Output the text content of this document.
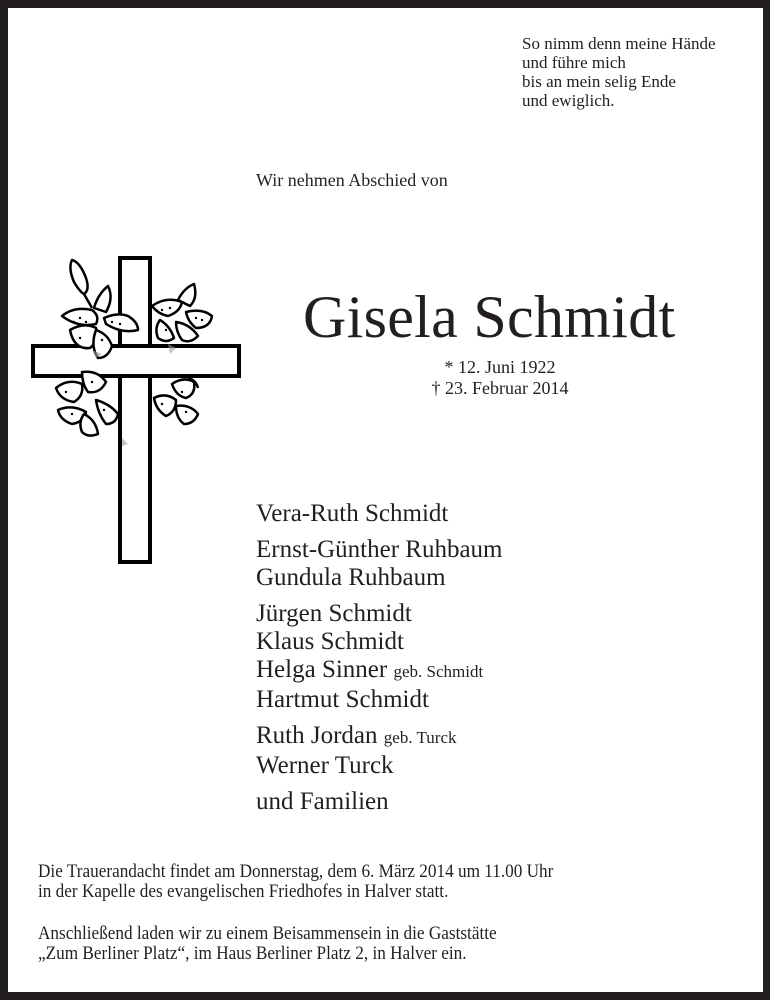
So nimm denn meine Hände
und führe mich
bis an mein selig Ende
und ewiglich.
Wir nehmen Abschied von
Gisela Schmidt
* 12. Juni 1922
† 23. Februar 2014
Vera-Ruth Schmidt
Ernst-Günther Ruhbaum
Gundula Ruhbaum
Jürgen Schmidt
Klaus Schmidt
Helga Sinner geb. Schmidt
Hartmut Schmidt
Ruth Jordan geb. Turck
Werner Turck
und Familien

Die Trauerandacht findet am Donnerstag, dem 6. März 2014 um 11.00 Uhr
in der Kapelle des evangelischen Friedhofes in Halver statt.

Anschließend laden wir zu einem Beisammensein in die Gaststätte
„Zum Berliner Platz“, im Haus Berliner Platz 2, in Halver ein.
